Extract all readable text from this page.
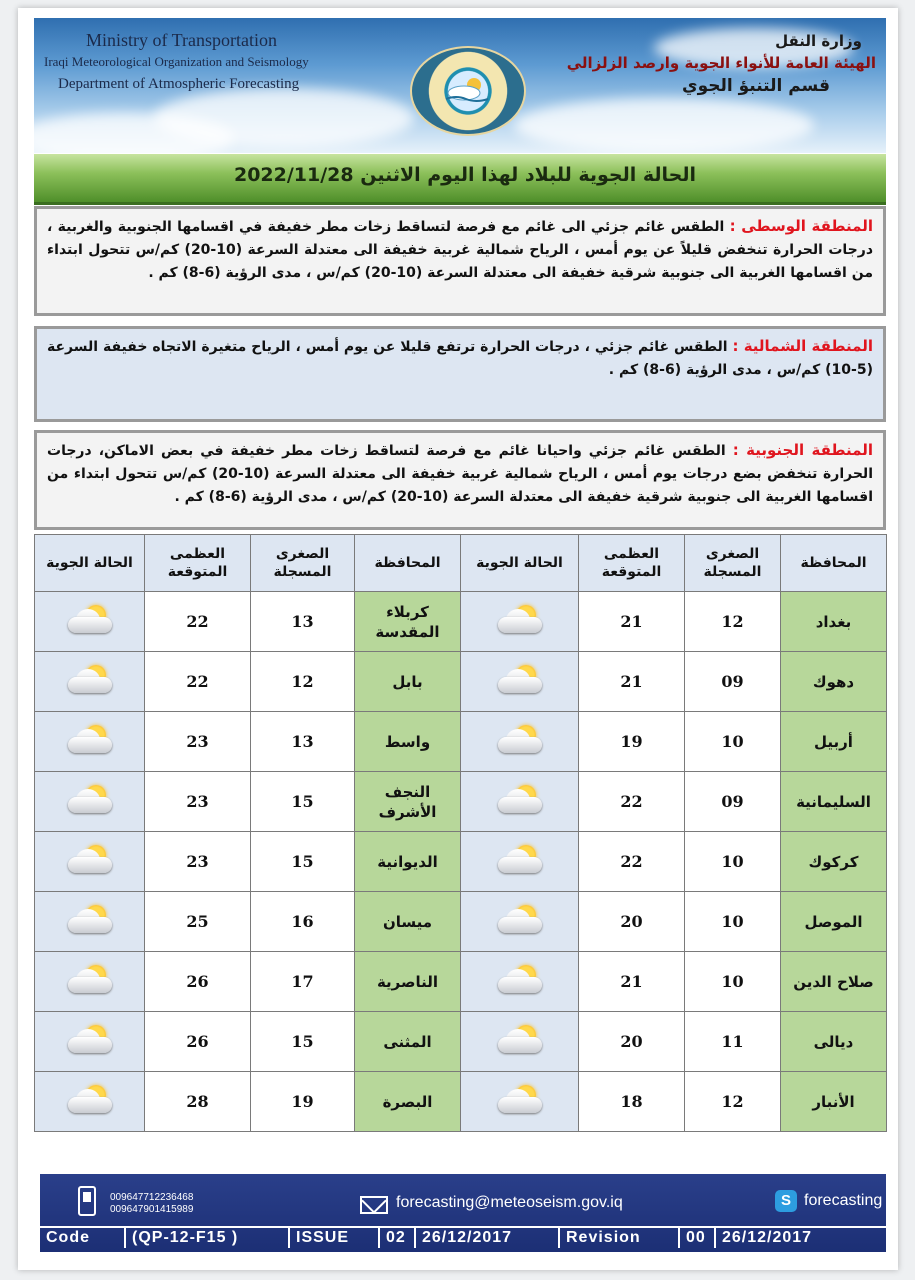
Ministry of Transportation
Iraqi Meteorological Organization and Seismology
Department of Atmospheric Forecasting
وزارة النقل
الهيئة العامة للأنواء الجوية وارصد الزلزالي
قسم التنبؤ الجوي
الحالة الجوية للبلاد لهذا اليوم الاثنين 2022/11/28
المنطقة الوسطى : الطقس غائم جزئي الى غائم مع فرصة لتساقط زخات مطر خفيفة في اقسامها الجنوبية والغربية ، درجات الحرارة تنخفض قليلاً عن يوم أمس ، الرياح شمالية غربية خفيفة الى معتدلة السرعة (10-20) كم/س تتحول ابتداء من اقسامها الغربية الى جنوبية شرقية خفيفة الى معتدلة السرعة (10-20) كم/س ، مدى الرؤية (6-8) كم .
المنطقة الشمالية : الطقس غائم جزئي ، درجات الحرارة ترتفع قليلا عن يوم أمس ، الرياح متغيرة الاتجاه خفيفة السرعة (5-10) كم/س ، مدى الرؤية (6-8) كم .
المنطقة الجنوبية : الطقس غائم جزئي واحيانا غائم مع فرصة لتساقط زخات مطر خفيفة في بعض الاماكن، درجات الحرارة تنخفض بضع درجات يوم أمس ، الرياح شمالية غربية خفيفة الى معتدلة السرعة (10-20) كم/س تتحول ابتداء من اقسامها الغربية الى جنوبية شرقية خفيفة الى معتدلة السرعة (10-20) كم/س ، مدى الرؤية (6-8) كم .
المحافظة	الصغرى المسجلة	العظمى المتوقعة	الحالة الجوية	المحافظة	الصغرى المسجلة	العظمى المتوقعة	الحالة الجوية
بغداد	12	21		كربلاء المقدسة	13	22	

دهوك	09	21		بابل	12	22	

أربيل	10	19		واسط	13	23	

السليمانية	09	22		النجف الأشرف	15	23	

كركوك	10	22		الديوانية	15	23	

الموصل	10	20		ميسان	16	25	

صلاح الدين	10	21		الناصرية	17	26	

ديالى	11	20		المثنى	15	26	

الأنبار	12	18		البصرة	19	28	
009647712236468
009647901415989	forecasting@meteoseism.gov.iq	S forecasting
Code	(QP-12-F15 )	ISSUE	02	26/12/2017	Revision	00	26/12/2017
